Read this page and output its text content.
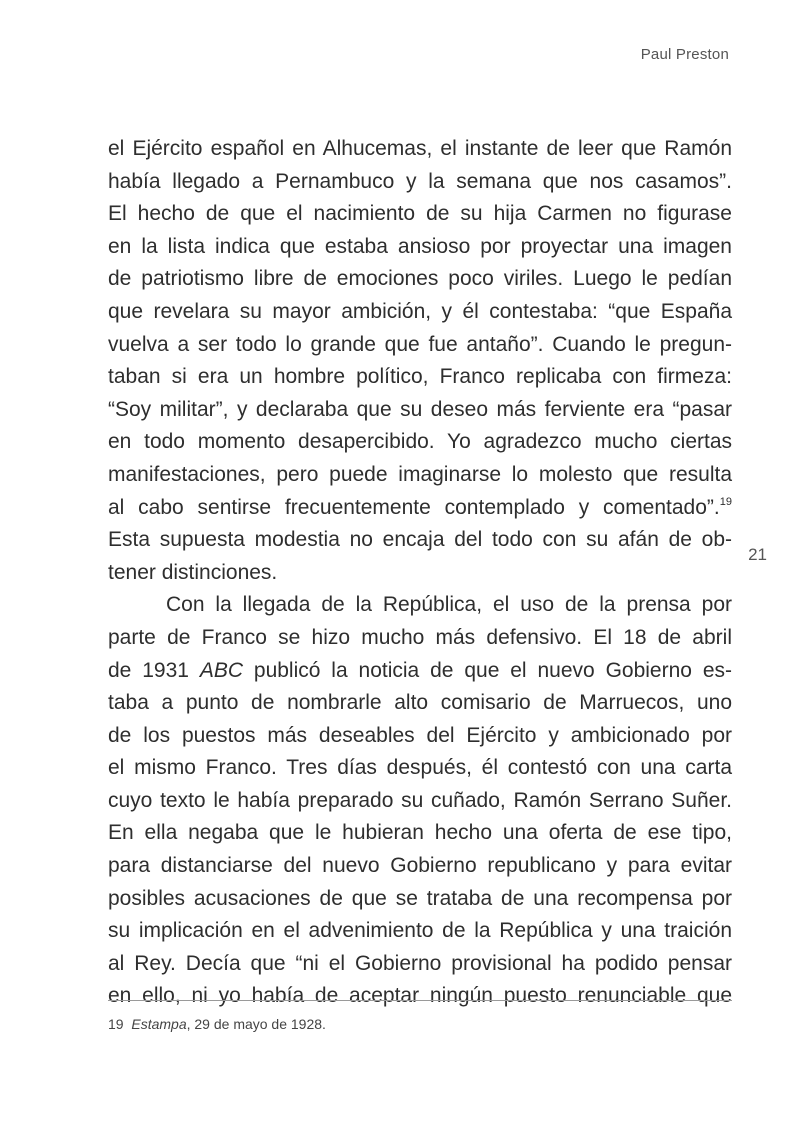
Paul Preston
el Ejército español en Alhucemas, el instante de leer que Ramón
había llegado a Pernambuco y la semana que nos casamos”.
El hecho de que el nacimiento de su hija Carmen no figurase
en la lista indica que estaba ansioso por proyectar una imagen
de patriotismo libre de emociones poco viriles. Luego le pedían
que revelara su mayor ambición, y él contestaba: “que España
vuelva a ser todo lo grande que fue antaño”. Cuando le pregun-
taban si era un hombre político, Franco replicaba con firmeza:
“Soy militar”, y declaraba que su deseo más ferviente era “pasar
en todo momento desapercibido. Yo agradezco mucho ciertas
manifestaciones, pero puede imaginarse lo molesto que resulta
al cabo sentirse frecuentemente contemplado y comentado”.$^{19}$
Esta supuesta modestia no encaja del todo con su afán de ob-
tener distinciones.
Con la llegada de la República, el uso de la prensa por
parte de Franco se hizo mucho más defensivo. El 18 de abril
de 1931 ABC publicó la noticia de que el nuevo Gobierno es-
taba a punto de nombrarle alto comisario de Marruecos, uno
de los puestos más deseables del Ejército y ambicionado por
el mismo Franco. Tres días después, él contestó con una carta
cuyo texto le había preparado su cuñado, Ramón Serrano Suñer.
En ella negaba que le hubieran hecho una oferta de ese tipo,
para distanciarse del nuevo Gobierno republicano y para evitar
posibles acusaciones de que se trataba de una recompensa por
su implicación en el advenimiento de la República y una traición
al Rey. Decía que “ni el Gobierno provisional ha podido pensar
en ello, ni yo había de aceptar ningún puesto renunciable que
21
19 Estampa, 29 de mayo de 1928.
